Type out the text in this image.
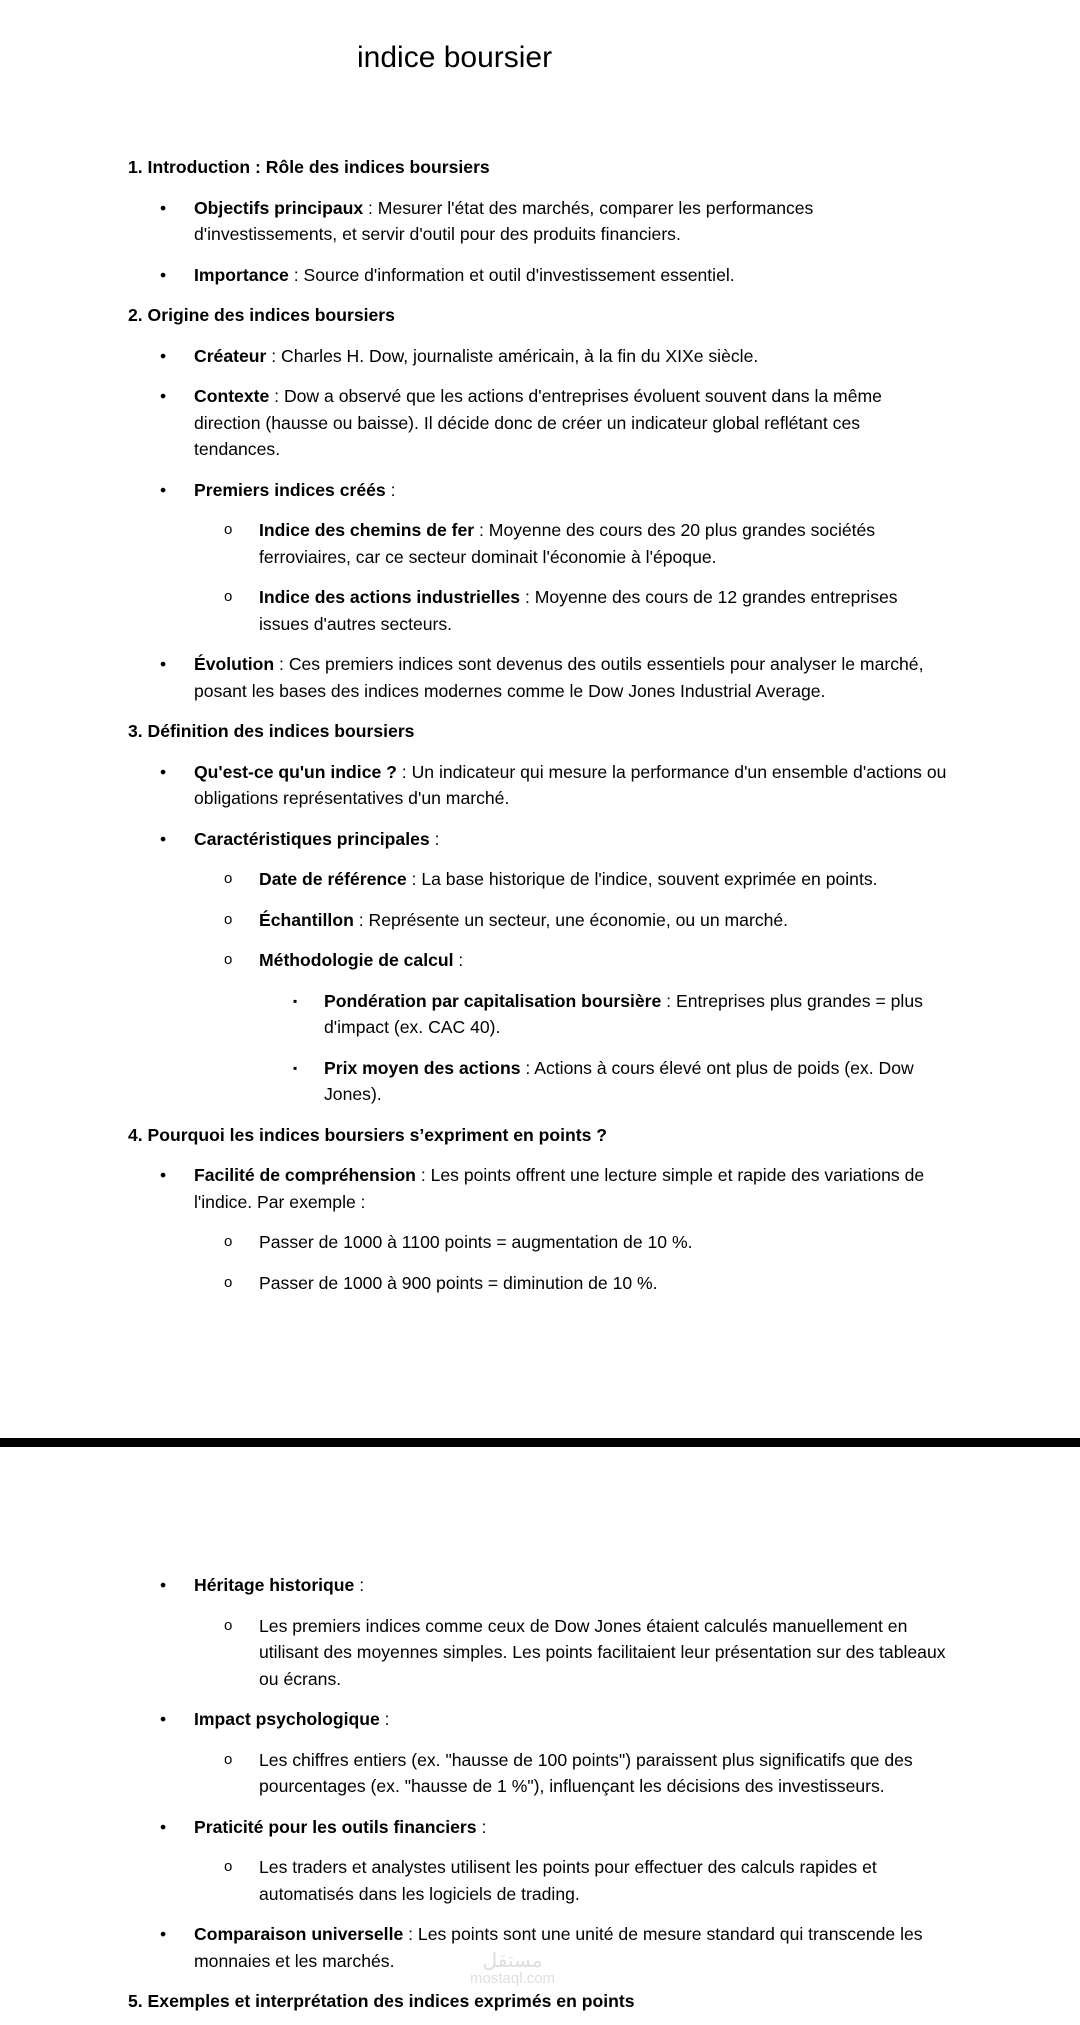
indice boursier
1. Introduction : Rôle des indices boursiers
• Objectifs principaux : Mesurer l'état des marchés, comparer les performances d'investissements, et servir d'outil pour des produits financiers.
• Importance : Source d'information et outil d'investissement essentiel.
2. Origine des indices boursiers
• Créateur : Charles H. Dow, journaliste américain, à la fin du XIXe siècle.
• Contexte : Dow a observé que les actions d'entreprises évoluent souvent dans la même direction (hausse ou baisse). Il décide donc de créer un indicateur global reflétant ces tendances.
• Premiers indices créés :
o Indice des chemins de fer : Moyenne des cours des 20 plus grandes sociétés ferroviaires, car ce secteur dominait l'économie à l'époque.
o Indice des actions industrielles : Moyenne des cours de 12 grandes entreprises issues d'autres secteurs.
• Évolution : Ces premiers indices sont devenus des outils essentiels pour analyser le marché, posant les bases des indices modernes comme le Dow Jones Industrial Average.
3. Définition des indices boursiers
• Qu'est-ce qu'un indice ? : Un indicateur qui mesure la performance d'un ensemble d'actions ou obligations représentatives d'un marché.
• Caractéristiques principales :
o Date de référence : La base historique de l'indice, souvent exprimée en points.
o Échantillon : Représente un secteur, une économie, ou un marché.
o Méthodologie de calcul :
▪ Pondération par capitalisation boursière : Entreprises plus grandes = plus d'impact (ex. CAC 40).
▪ Prix moyen des actions : Actions à cours élevé ont plus de poids (ex. Dow Jones).
4. Pourquoi les indices boursiers s’expriment en points ?
• Facilité de compréhension : Les points offrent une lecture simple et rapide des variations de l'indice. Par exemple :
o Passer de 1000 à 1100 points = augmentation de 10 %.
o Passer de 1000 à 900 points = diminution de 10 %.
• Héritage historique :
o Les premiers indices comme ceux de Dow Jones étaient calculés manuellement en utilisant des moyennes simples. Les points facilitaient leur présentation sur des tableaux ou écrans.
• Impact psychologique :
o Les chiffres entiers (ex. "hausse de 100 points") paraissent plus significatifs que des pourcentages (ex. "hausse de 1 %"), influençant les décisions des investisseurs.
• Praticité pour les outils financiers :
o Les traders et analystes utilisent les points pour effectuer des calculs rapides et automatisés dans les logiciels de trading.
• Comparaison universelle : Les points sont une unité de mesure standard qui transcende les monnaies et les marchés.
5. Exemples et interprétation des indices exprimés en points
مستقل
mostaql.com
